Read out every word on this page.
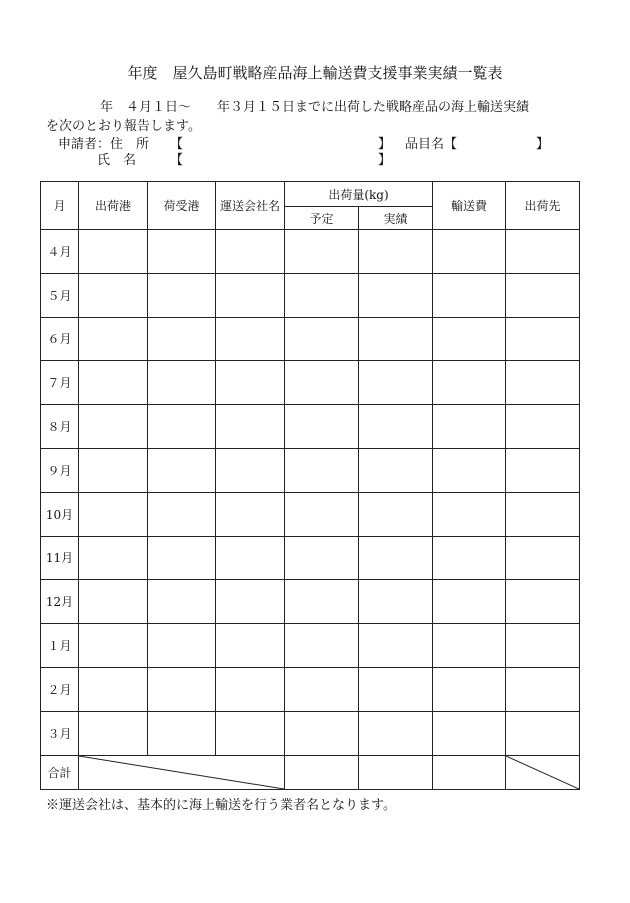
年度　屋久島町戦略産品海上輸送費支援事業実績一覧表
年　４月１日～　　年３月１５日までに出荷した戦略産品の海上輸送実績
を次のとおり報告します。
申請者：住　所 【	】 品目名【	】
氏　名	【	】
月	出荷港	荷受港	運送会社名	出荷量(kg)		輸送費	出荷先
				予定	実績		
４月							
５月							
６月							
７月							
８月							
９月							
10月							
11月							
12月							
１月							
２月							
３月							
合計	

※運送会社は、基本的に海上輸送を行う業者名となります。
